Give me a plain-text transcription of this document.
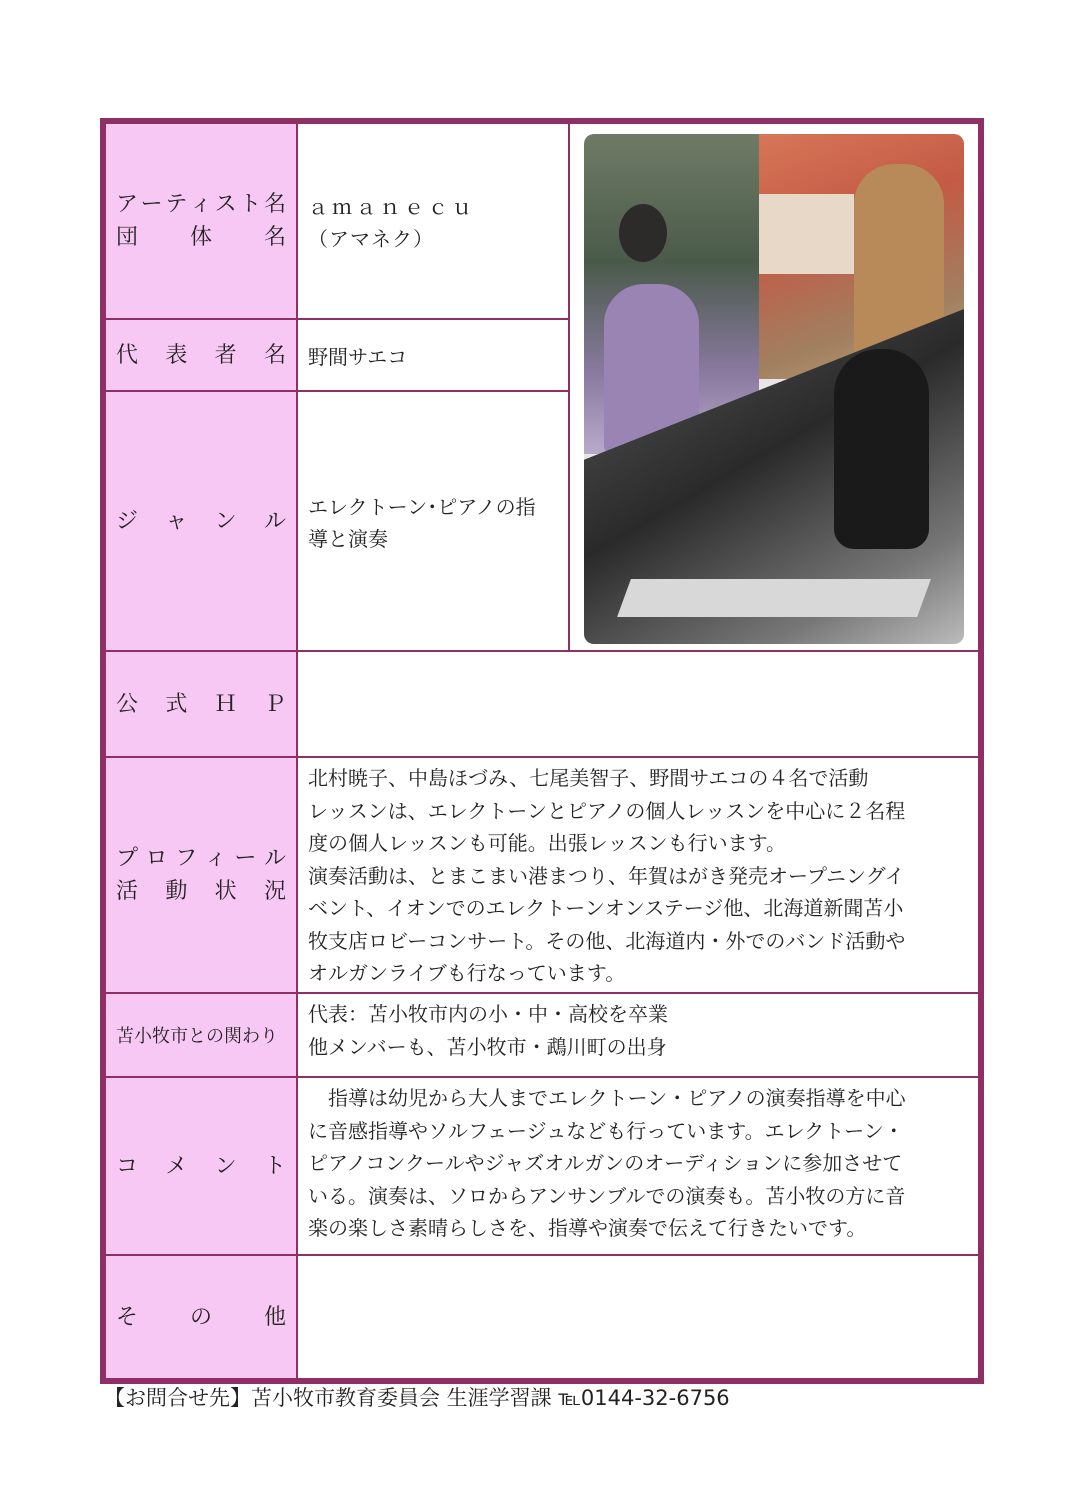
ア ー テ ィ ス ト 名
団 体 名
ａｍａｎｅｃｕ
（アマネク）
代 表 者 名 野間サエコ
ジ ャ ン ル
エレクトーン･ピアノの指
導と演奏
公 式 Ｈ Ｐ
プ ロ フ ィ ー ル
活 動 状 況
北村暁子、中島ほづみ、七尾美智子、野間サエコの４名で活動
レッスンは、エレクトーンとピアノの個人レッスンを中心に２名程
度の個人レッスンも可能。出張レッスンも行います。
演奏活動は、とまこまい港まつり、年賀はがき発売オープニングイ
ベント、イオンでのエレクトーンオンステージ他、北海道新聞苫小
牧支店ロビーコンサート。その他、北海道内・外でのバンド活動や
オルガンライブも行なっています。
苫小牧市との関わり
代表：苫小牧市内の小・中・高校を卒業
他メンバーも、苫小牧市・鵡川町の出身
コ メ ン ト
　指導は幼児から大人までエレクトーン・ピアノの演奏指導を中心
に音感指導やソルフェージュなども行っています。エレクトーン・
ピアノコンクールやジャズオルガンのオーディションに参加させて
いる。演奏は、ソロからアンサンブルでの演奏も。苫小牧の方に音
楽の楽しさ素晴らしさを、指導や演奏で伝えて行きたいです。
そ の 他
【お問合せ先】苫小牧市教育委員会 生涯学習課 ℡0144-32-6756
